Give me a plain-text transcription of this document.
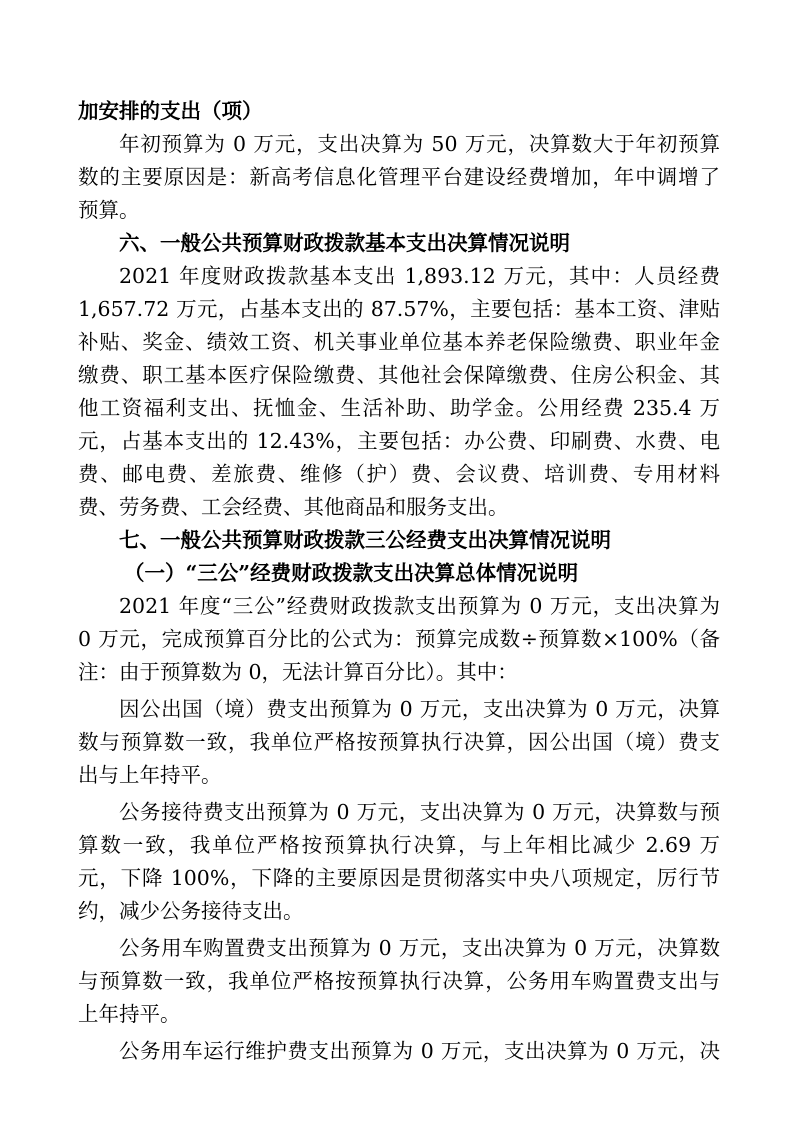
加安排的支出（项）
年初预算为 0 万元，支出决算为 50 万元，决算数大于年初预算
数的主要原因是：新高考信息化管理平台建设经费增加，年中调增了
预算。
六、一般公共预算财政拨款基本支出决算情况说明
2021 年度财政拨款基本支出 1,893.12 万元，其中：人员经费
1,657.72 万元，占基本支出的 87.57%，主要包括：基本工资、津贴
补贴、奖金、绩效工资、机关事业单位基本养老保险缴费、职业年金
缴费、职工基本医疗保险缴费、其他社会保障缴费、住房公积金、其
他工资福利支出、抚恤金、生活补助、助学金。公用经费 235.4 万
元，占基本支出的 12.43%，主要包括：办公费、印刷费、水费、电
费、邮电费、差旅费、维修（护）费、会议费、培训费、专用材料
费、劳务费、工会经费、其他商品和服务支出。
七、一般公共预算财政拨款三公经费支出决算情况说明
（一）“三公”经费财政拨款支出决算总体情况说明
2021 年度“三公”经费财政拨款支出预算为 0 万元，支出决算为
0 万元，完成预算百分比的公式为：预算完成数÷预算数×100%（备
注：由于预算数为 0，无法计算百分比）。其中：
因公出国（境）费支出预算为 0 万元，支出决算为 0 万元，决算
数与预算数一致，我单位严格按预算执行决算，因公出国（境）费支
出与上年持平。
公务接待费支出预算为 0 万元，支出决算为 0 万元，决算数与预
算数一致，我单位严格按预算执行决算，与上年相比减少 2.69 万
元，下降 100%，下降的主要原因是贯彻落实中央八项规定，厉行节
约，减少公务接待支出。
公务用车购置费支出预算为 0 万元，支出决算为 0 万元，决算数
与预算数一致，我单位严格按预算执行决算，公务用车购置费支出与
上年持平。
公务用车运行维护费支出预算为 0 万元，支出决算为 0 万元，决
